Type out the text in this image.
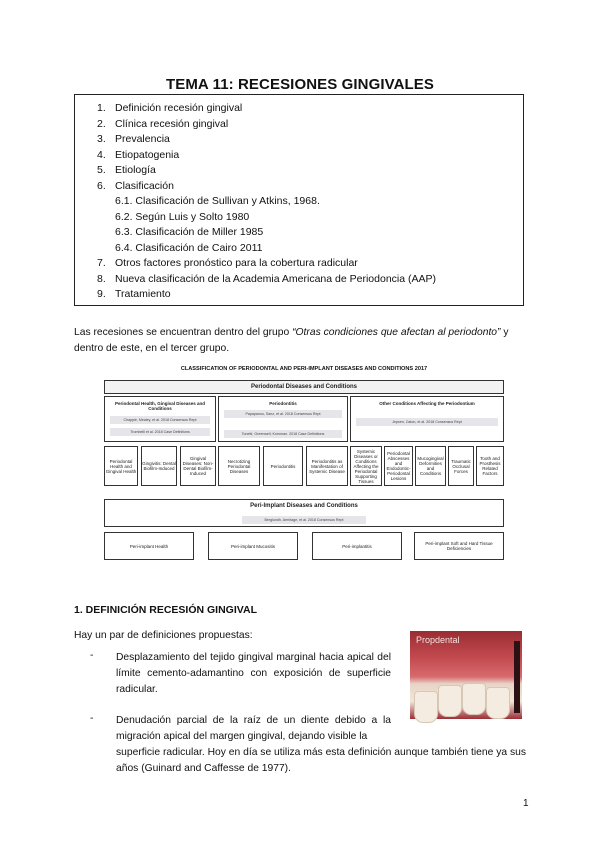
TEMA 11: RECESIONES GINGIVALES
1. Definición recesión gingival
2. Clínica recesión gingival
3. Prevalencia
4. Etiopatogenia
5. Etiología
6. Clasificación
6.1. Clasificación de Sullivan y Atkins, 1968.
6.2. Según Luis y Solto 1980
6.3. Clasificación de Miller 1985
6.4. Clasificación de Cairo 2011
7. Otros factores pronóstico para la cobertura radicular
8. Nueva clasificación de la Academia Americana de Periodoncia (AAP)
9. Tratamiento
Las recesiones se encuentran dentro del grupo “Otras condiciones que afectan al periodonto” y dentro de este, en el tercer grupo.
CLASSIFICATION OF PERIODONTAL AND PERI-IMPLANT DISEASES AND CONDITIONS 2017
Periodontal Diseases and Conditions
Periodontal Health, Gingival Diseases and Conditions
Chapple, Mealey, et al. 2018 Consensus Rept
Trombelli et al. 2018 Case Definitions
Periodontitis
Papapanou, Sanz, et al. 2018 Consensus Rept
Tonetti, Greenwell, Kornman. 2018 Case Definitions
Other Conditions Affecting the Periodontium
Jepsen, Caton, et al. 2018 Consensus Rept
Periodontal Health and Gingival Health
Gingivitis: Dental Biofilm-Induced
Gingival Diseases: Non-Dental Biofilm-Induced
Necrotizing Periodontal Diseases
Periodontitis
Periodontitis as Manifestation of Systemic Disease
Systemic Diseases or Conditions Affecting the Periodontal Supporting Tissues
Periodontal Abscesses and Endodontic-Periodontal Lesions
Mucogingival Deformities and Conditions
Traumatic Occlusal Forces
Tooth and Prosthesis Related Factors
Peri-Implant Diseases and Conditions
Berglundh, Armitage, et al. 2018 Consensus Rept
Peri-implant Health	Peri-implant Mucositis	Peri-implantitis	Peri-implant Soft and Hard Tissue Deficiencies
1. DEFINICIÓN RECESIÓN GINGIVAL
Hay un par de definiciones propuestas:	Propdental
- Desplazamiento del tejido gingival marginal hacia apical del límite cemento-adamantino con exposición de superficie radicular.
- Denudación parcial de la raíz de un diente debido a la migración apical del margen gingival, dejando visible la
superficie radicular. Hoy en día se utiliza más esta definición aunque también tiene ya sus años (Guinard and Caffesse de 1977).
1
